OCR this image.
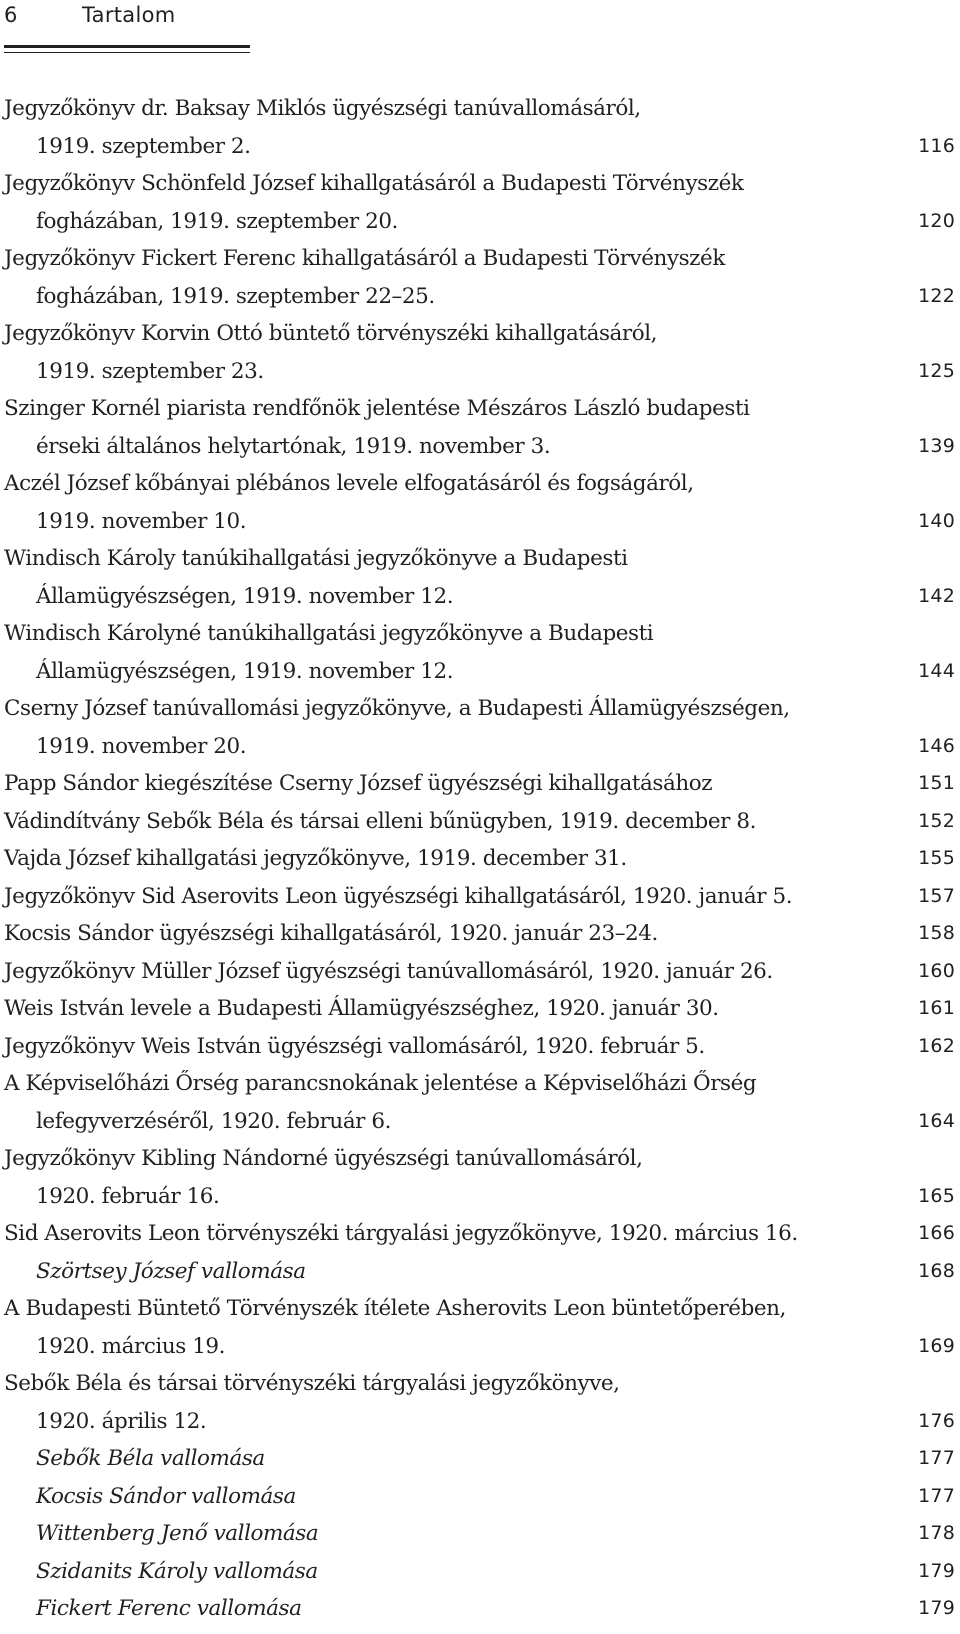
6	Tartalom
Jegyzőkönyv dr. Baksay Miklós ügyészségi tanúvallomásáról,
1919. szeptember 2.	116
Jegyzőkönyv Schönfeld József kihallgatásáról a Budapesti Törvényszék
fogházában, 1919. szeptember 20.	120
Jegyzőkönyv Fickert Ferenc kihallgatásáról a Budapesti Törvényszék
fogházában, 1919. szeptember 22–25.	122
Jegyzőkönyv Korvin Ottó büntető törvényszéki kihallgatásáról,
1919. szeptember 23.	125
Szinger Kornél piarista rendfőnök jelentése Mészáros László budapesti
érseki általános helytartónak, 1919. november 3.	139
Aczél József kőbányai plébános levele elfogatásáról és fogságáról,
1919. november 10.	140
Windisch Károly tanúkihallgatási jegyzőkönyve a Budapesti
Államügyészségen, 1919. november 12.	142
Windisch Károlyné tanúkihallgatási jegyzőkönyve a Budapesti
Államügyészségen, 1919. november 12.	144
Cserny József tanúvallomási jegyzőkönyve, a Budapesti Államügyészségen,
1919. november 20.	146
Papp Sándor kiegészítése Cserny József ügyészségi kihallgatásához	151
Vádindítvány Sebők Béla és társai elleni bűnügyben, 1919. december 8.	152
Vajda József kihallgatási jegyzőkönyve, 1919. december 31.	155
Jegyzőkönyv Sid Aserovits Leon ügyészségi kihallgatásáról, 1920. január 5.	157
Kocsis Sándor ügyészségi kihallgatásáról, 1920. január 23–24.	158
Jegyzőkönyv Müller József ügyészségi tanúvallomásáról, 1920. január 26.	160
Weis István levele a Budapesti Államügyészséghez, 1920. január 30.	161
Jegyzőkönyv Weis István ügyészségi vallomásáról, 1920. február 5.	162
A Képviselőházi Őrség parancsnokának jelentése a Képviselőházi Őrség
lefegyverzéséről, 1920. február 6.	164
Jegyzőkönyv Kibling Nándorné ügyészségi tanúvallomásáról,
1920. február 16.	165
Sid Aserovits Leon törvényszéki tárgyalási jegyzőkönyve, 1920. március 16.	166
Szörtsey József vallomása	168
A Budapesti Büntető Törvényszék ítélete Asherovits Leon büntetőperében,
1920. március 19.	169
Sebők Béla és társai törvényszéki tárgyalási jegyzőkönyve,
1920. április 12.	176
Sebők Béla vallomása	177
Kocsis Sándor vallomása	177
Wittenberg Jenő vallomása	178
Szidanits Károly vallomása	179
Fickert Ferenc vallomása	179
